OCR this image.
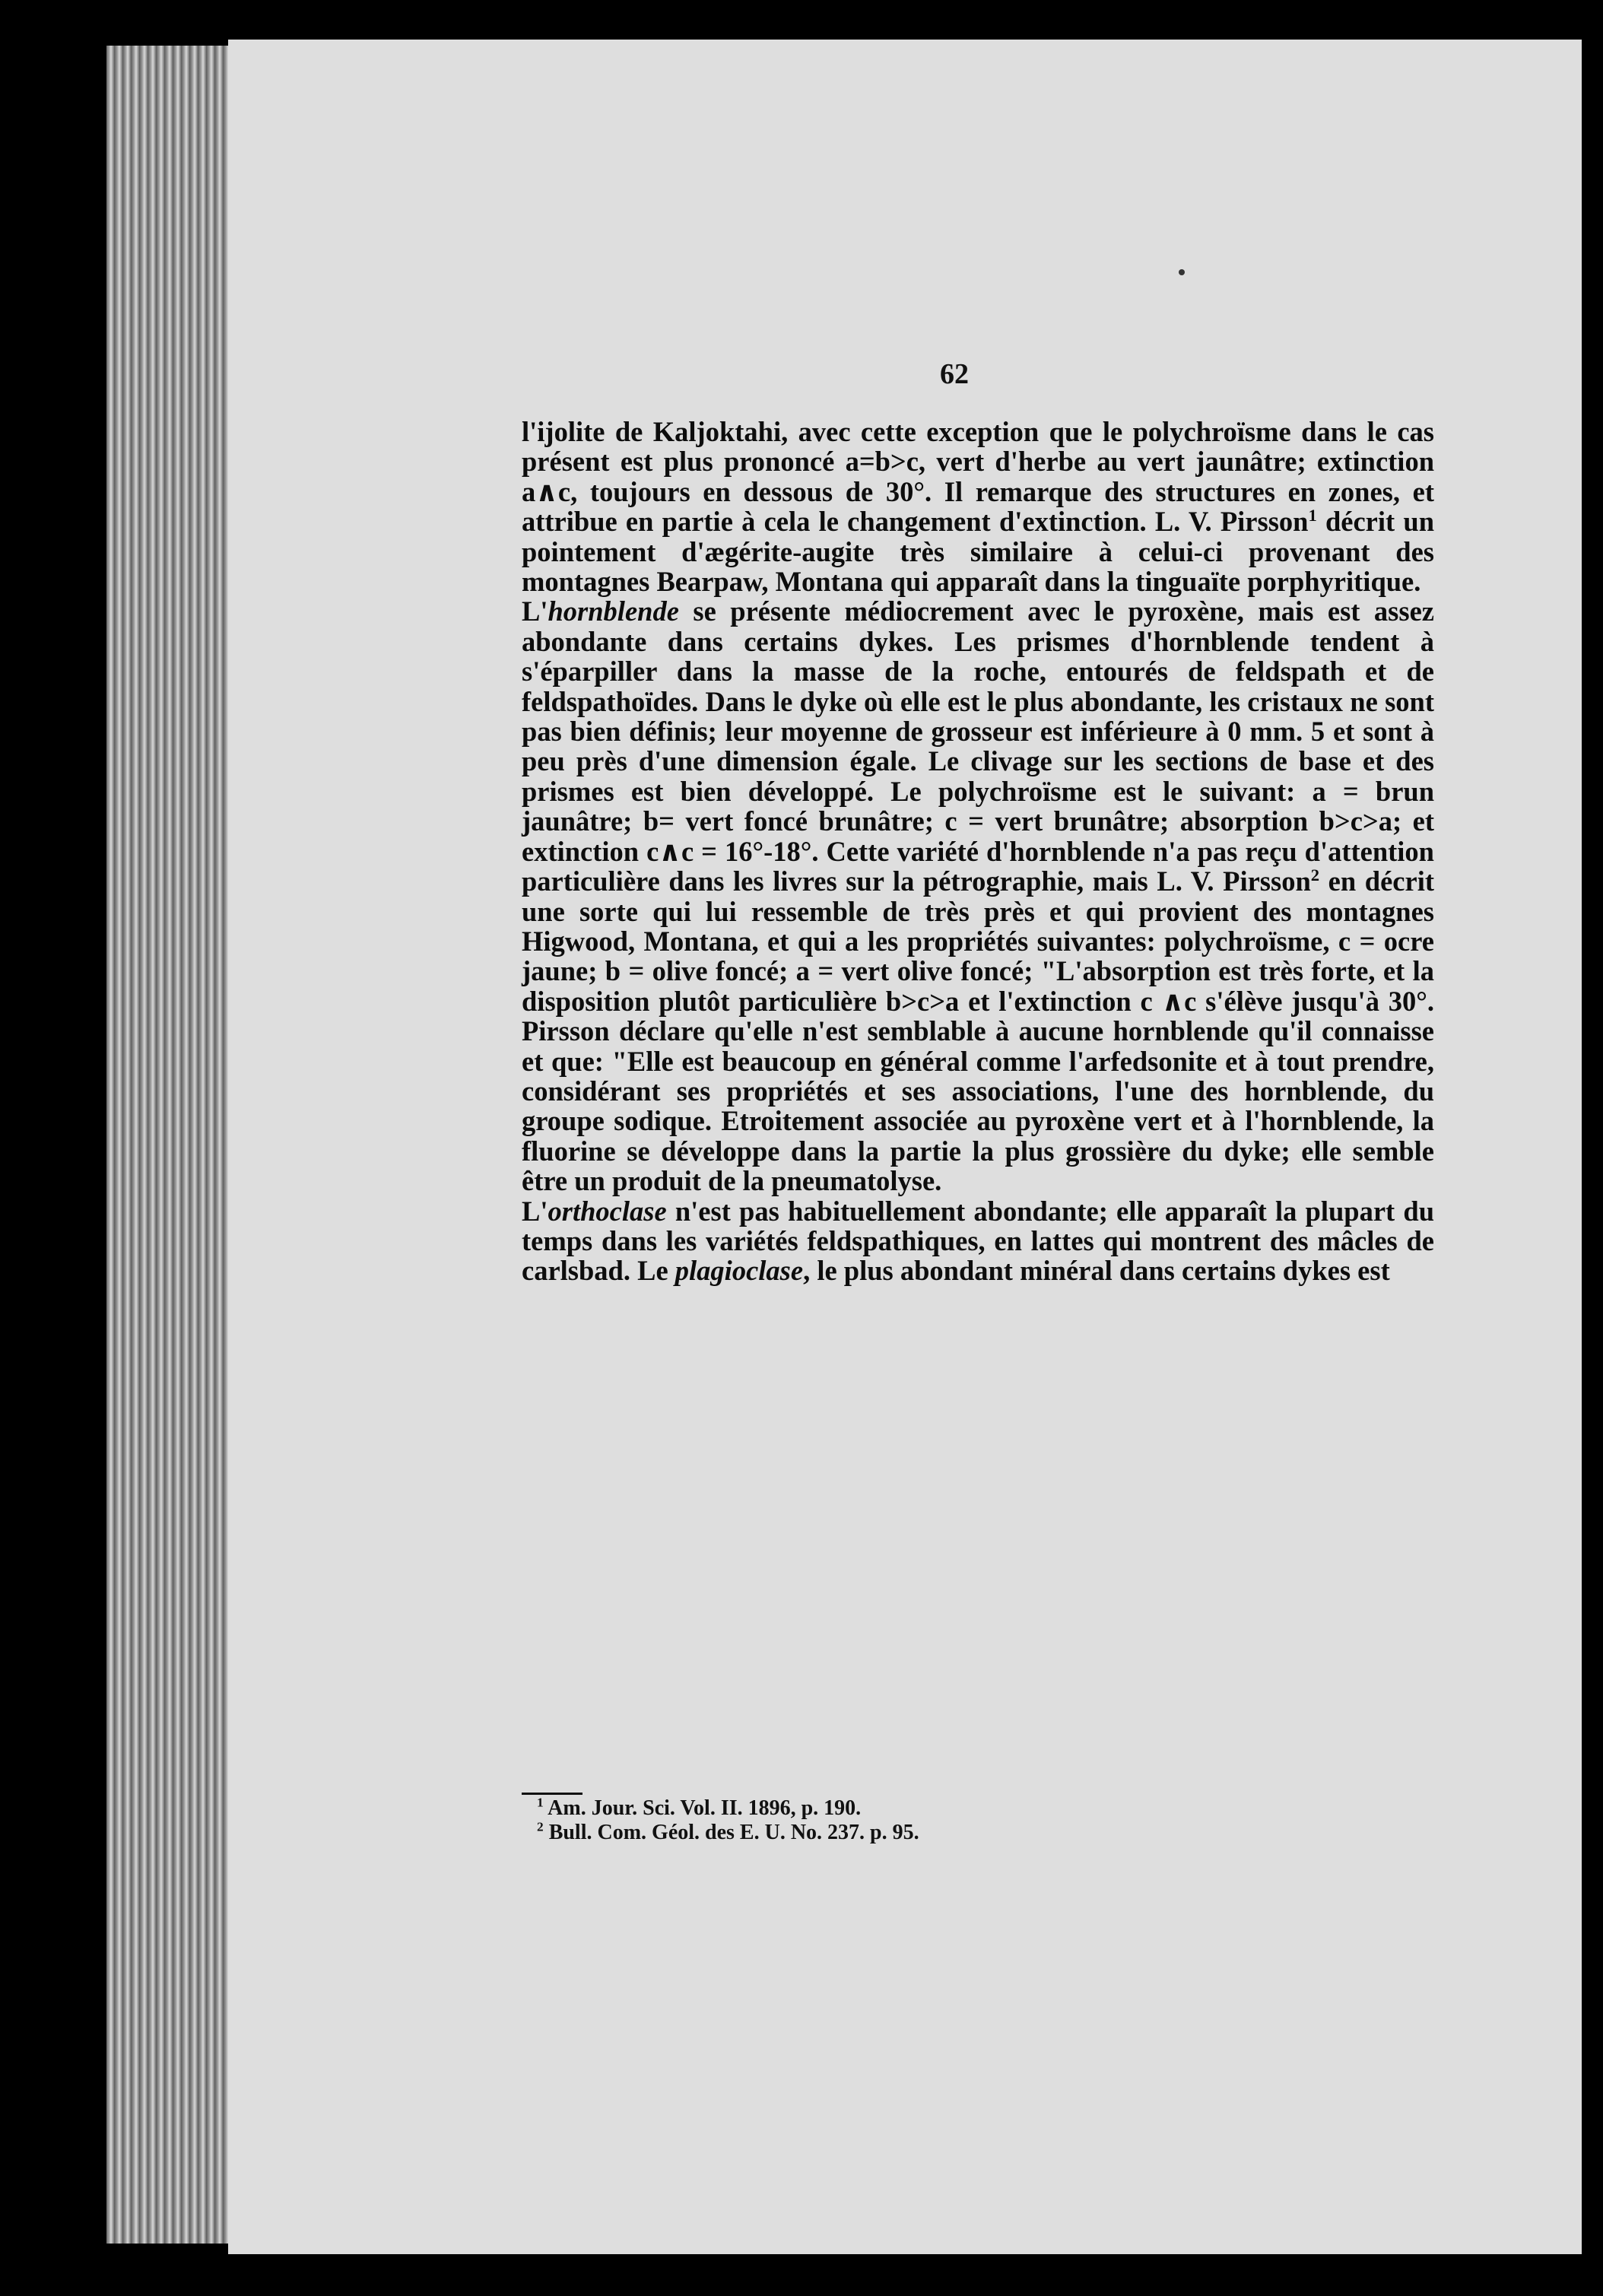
62

l'ijolite de Kaljoktahi, avec cette exception que le polychroïsme dans le cas présent est plus prononcé a=b>c, vert d'herbe au vert jaunâtre; extinction a∧c, toujours en dessous de 30°. Il remarque des structures en zones, et attribue en partie à cela le changement d'extinction. L. V. Pirsson$^1$ décrit un pointement d'ægérite-augite très similaire à celui-ci provenant des montagnes Bearpaw, Montana qui apparaît dans la tinguaïte porphyritique.

L'hornblende se présente médiocrement avec le pyroxène, mais est assez abondante dans certains dykes. Les prismes d'hornblende tendent à s'éparpiller dans la masse de la roche, entourés de feldspath et de feldspathoïdes. Dans le dyke où elle est le plus abondante, les cristaux ne sont pas bien définis; leur moyenne de grosseur est inférieure à 0 mm. 5 et sont à peu près d'une dimension égale. Le clivage sur les sections de base et des prismes est bien développé. Le polychroïsme est le suivant: a = brun jaunâtre; b= vert foncé brunâtre; c = vert brunâtre; absorption b>c>a; et extinction c∧c = 16°-18°. Cette variété d'hornblende n'a pas reçu d'attention particulière dans les livres sur la pétrographie, mais L. V. Pirsson$^2$ en décrit une sorte qui lui ressemble de très près et qui provient des montagnes Higwood, Montana, et qui a les propriétés suivantes: polychroïsme, c = ocre jaune; b = olive foncé; a = vert olive foncé; "L'absorption est très forte, et la disposition plutôt particulière b>c>a et l'extinction c ∧c s'élève jusqu'à 30°. Pirsson déclare qu'elle n'est semblable à aucune hornblende qu'il connaisse et que: "Elle est beaucoup en général comme l'arfedsonite et à tout prendre, considérant ses propriétés et ses associations, l'une des hornblende, du groupe sodique. Etroitement associée au pyroxène vert et à l'hornblende, la fluorine se développe dans la partie la plus grossière du dyke; elle semble être un produit de la pneumatolyse.

L'orthoclase n'est pas habituellement abondante; elle apparaît la plupart du temps dans les variétés feldspathiques, en lattes qui montrent des mâcles de carlsbad. Le plagioclase, le plus abondant minéral dans certains dykes est

$^1$ Am. Jour. Sci. Vol. II. 1896, p. 190.
$^2$ Bull. Com. Géol. des E. U. No. 237. p. 95.
